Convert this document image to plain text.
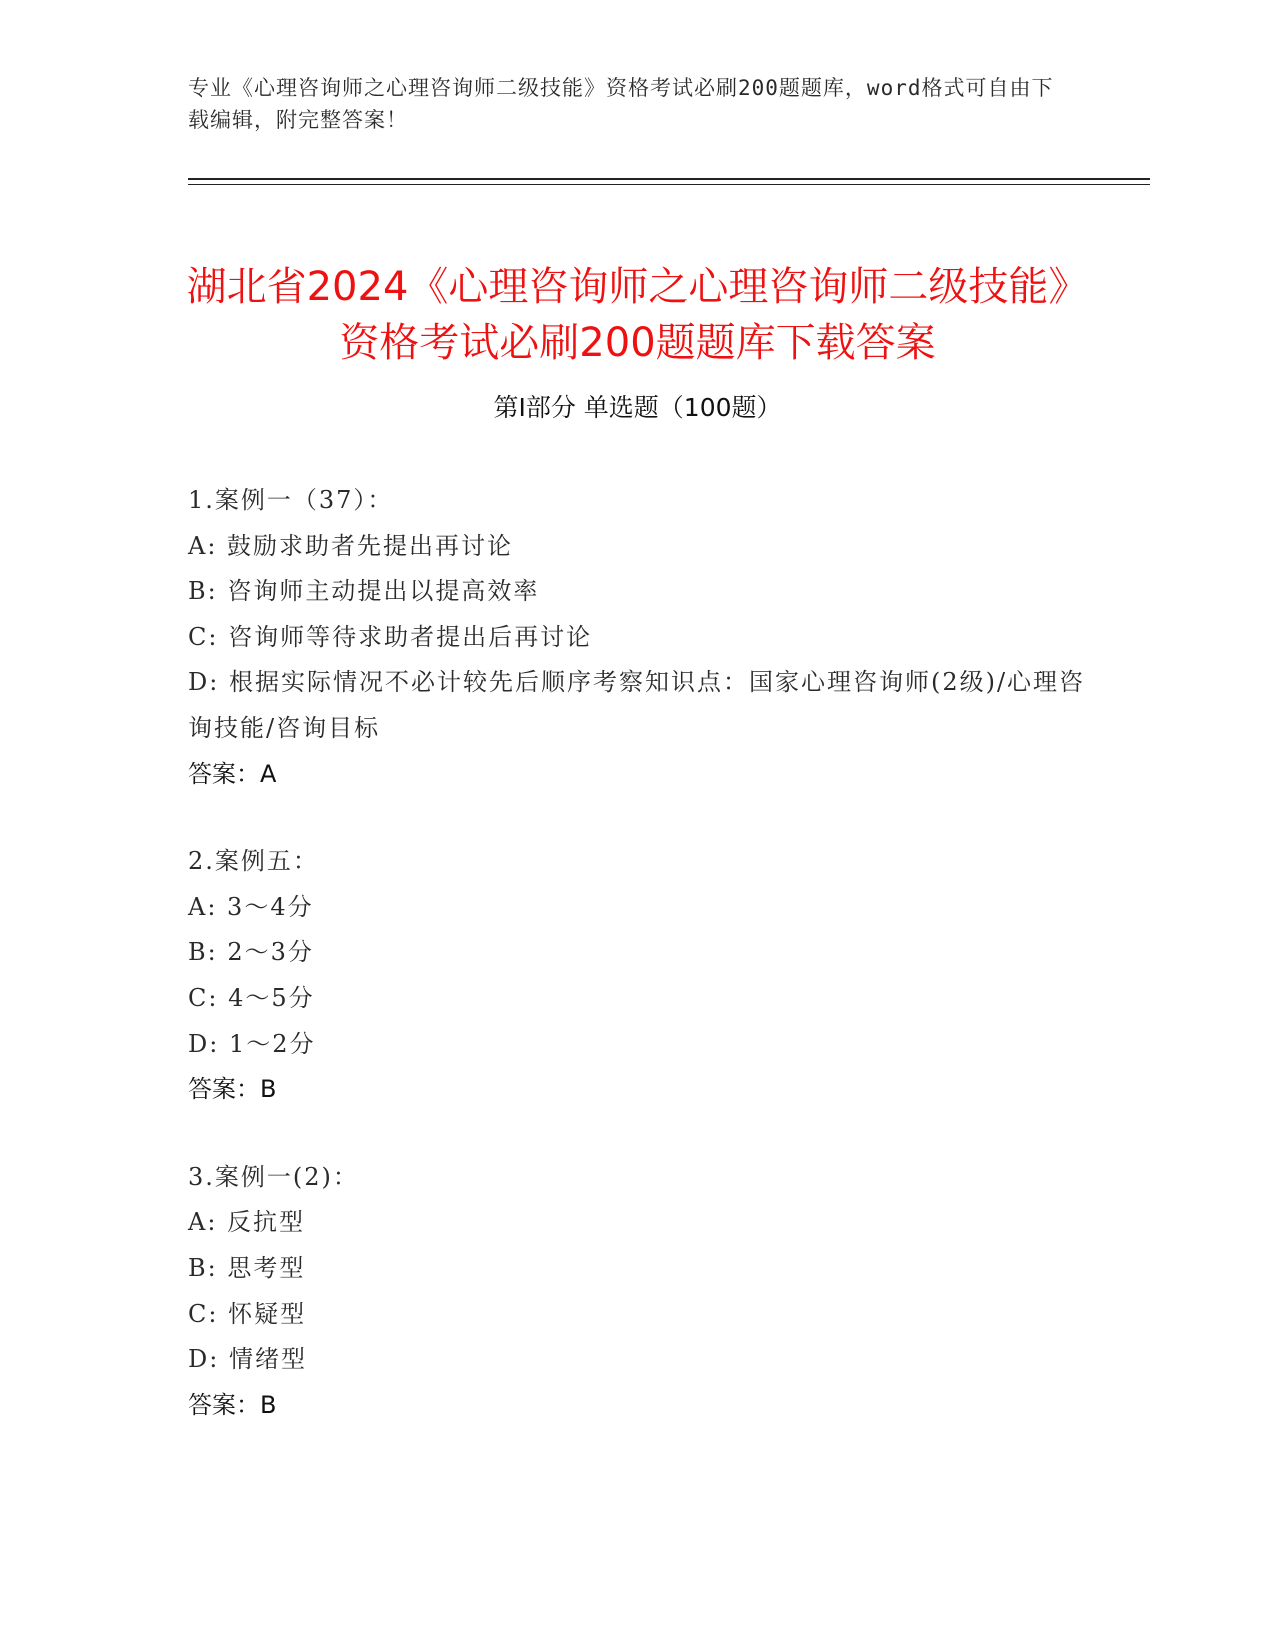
专业《心理咨询师之心理咨询师二级技能》资格考试必刷200题题库，word格式可自由下载编辑，附完整答案！
湖北省2024《心理咨询师之心理咨询师二级技能》资格考试必刷200题题库下载答案
第Ⅰ部分 单选题（100题）
1.案例一（37）：
A: 鼓励求助者先提出再讨论
B: 咨询师主动提出以提高效率
C: 咨询师等待求助者提出后再讨论
D: 根据实际情况不必计较先后顺序考察知识点：国家心理咨询师(2级)/心理咨询技能/咨询目标
答案：A
2.案例五：
A: 3～4分
B: 2～3分
C: 4～5分
D: 1～2分
答案：B
3.案例一(2)：
A: 反抗型
B: 思考型
C: 怀疑型
D: 情绪型
答案：B
